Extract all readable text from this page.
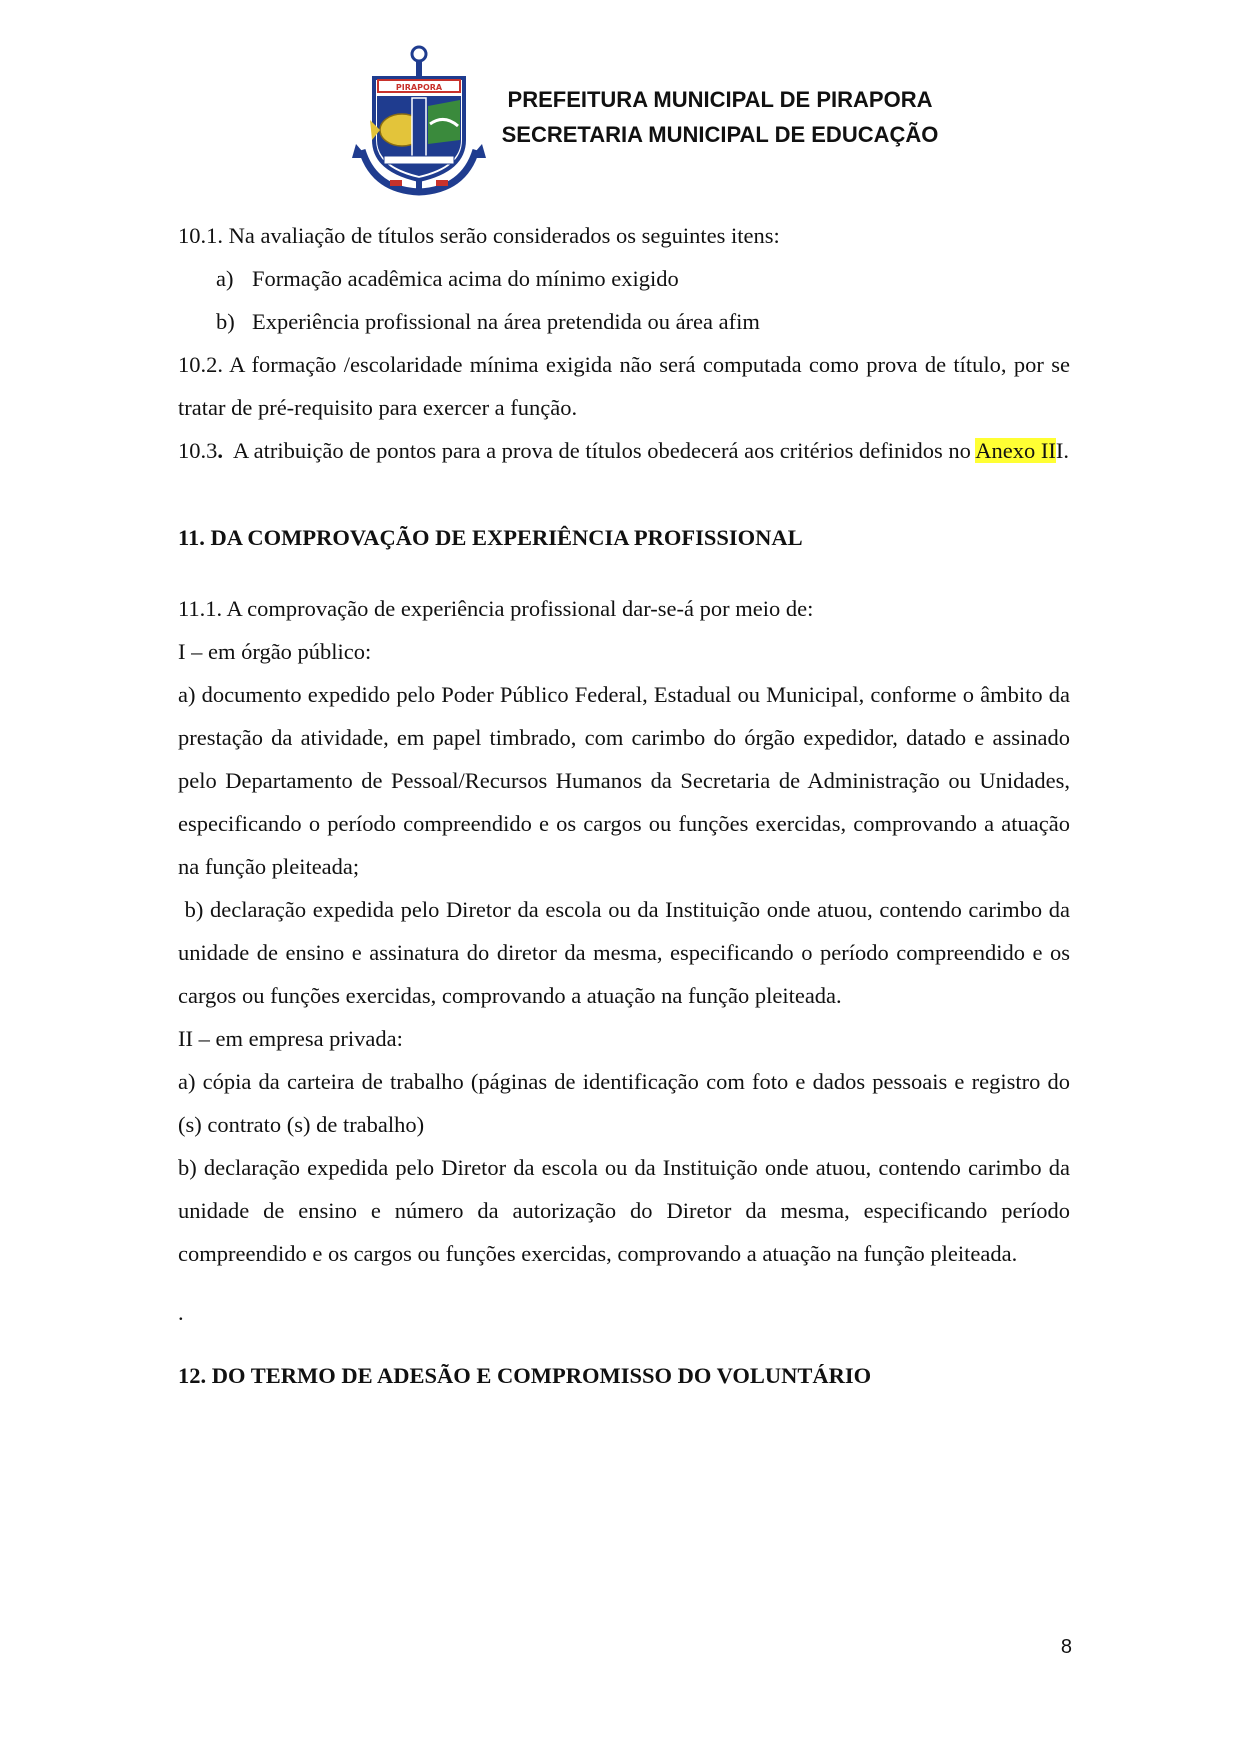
PIRAPORA	PREFEITURA MUNICIPAL DE PIRAPORA
SECRETARIA MUNICIPAL DE EDUCAÇÃO

10.1. Na avaliação de títulos serão considerados os seguintes itens:

a) Formação acadêmica acima do mínimo exigido

b) Experiência profissional na área pretendida ou área afim

10.2. A formação /escolaridade mínima exigida não será computada como prova de título, por se tratar de pré-requisito para exercer a função.

10.3. A atribuição de pontos para a prova de títulos obedecerá aos critérios definidos no Anexo III.

11. DA COMPROVAÇÃO DE EXPERIÊNCIA PROFISSIONAL

11.1. A comprovação de experiência profissional dar-se-á por meio de:

I – em órgão público:

a) documento expedido pelo Poder Público Federal, Estadual ou Municipal, conforme o âmbito da prestação da atividade, em papel timbrado, com carimbo do órgão expedidor, datado e assinado pelo Departamento de Pessoal/Recursos Humanos da Secretaria de Administração ou Unidades, especificando o período compreendido e os cargos ou funções exercidas, comprovando a atuação na função pleiteada;

b) declaração expedida pelo Diretor da escola ou da Instituição onde atuou, contendo carimbo da unidade de ensino e assinatura do diretor da mesma, especificando o período compreendido e os cargos ou funções exercidas, comprovando a atuação na função pleiteada.

II – em empresa privada:

a) cópia da carteira de trabalho (páginas de identificação com foto e dados pessoais e registro do (s) contrato (s) de trabalho)

b) declaração expedida pelo Diretor da escola ou da Instituição onde atuou, contendo carimbo da unidade de ensino e número da autorização do Diretor da mesma, especificando período compreendido e os cargos ou funções exercidas, comprovando a atuação na função pleiteada.

.

12. DO TERMO DE ADESÃO E COMPROMISSO DO VOLUNTÁRIO

8
